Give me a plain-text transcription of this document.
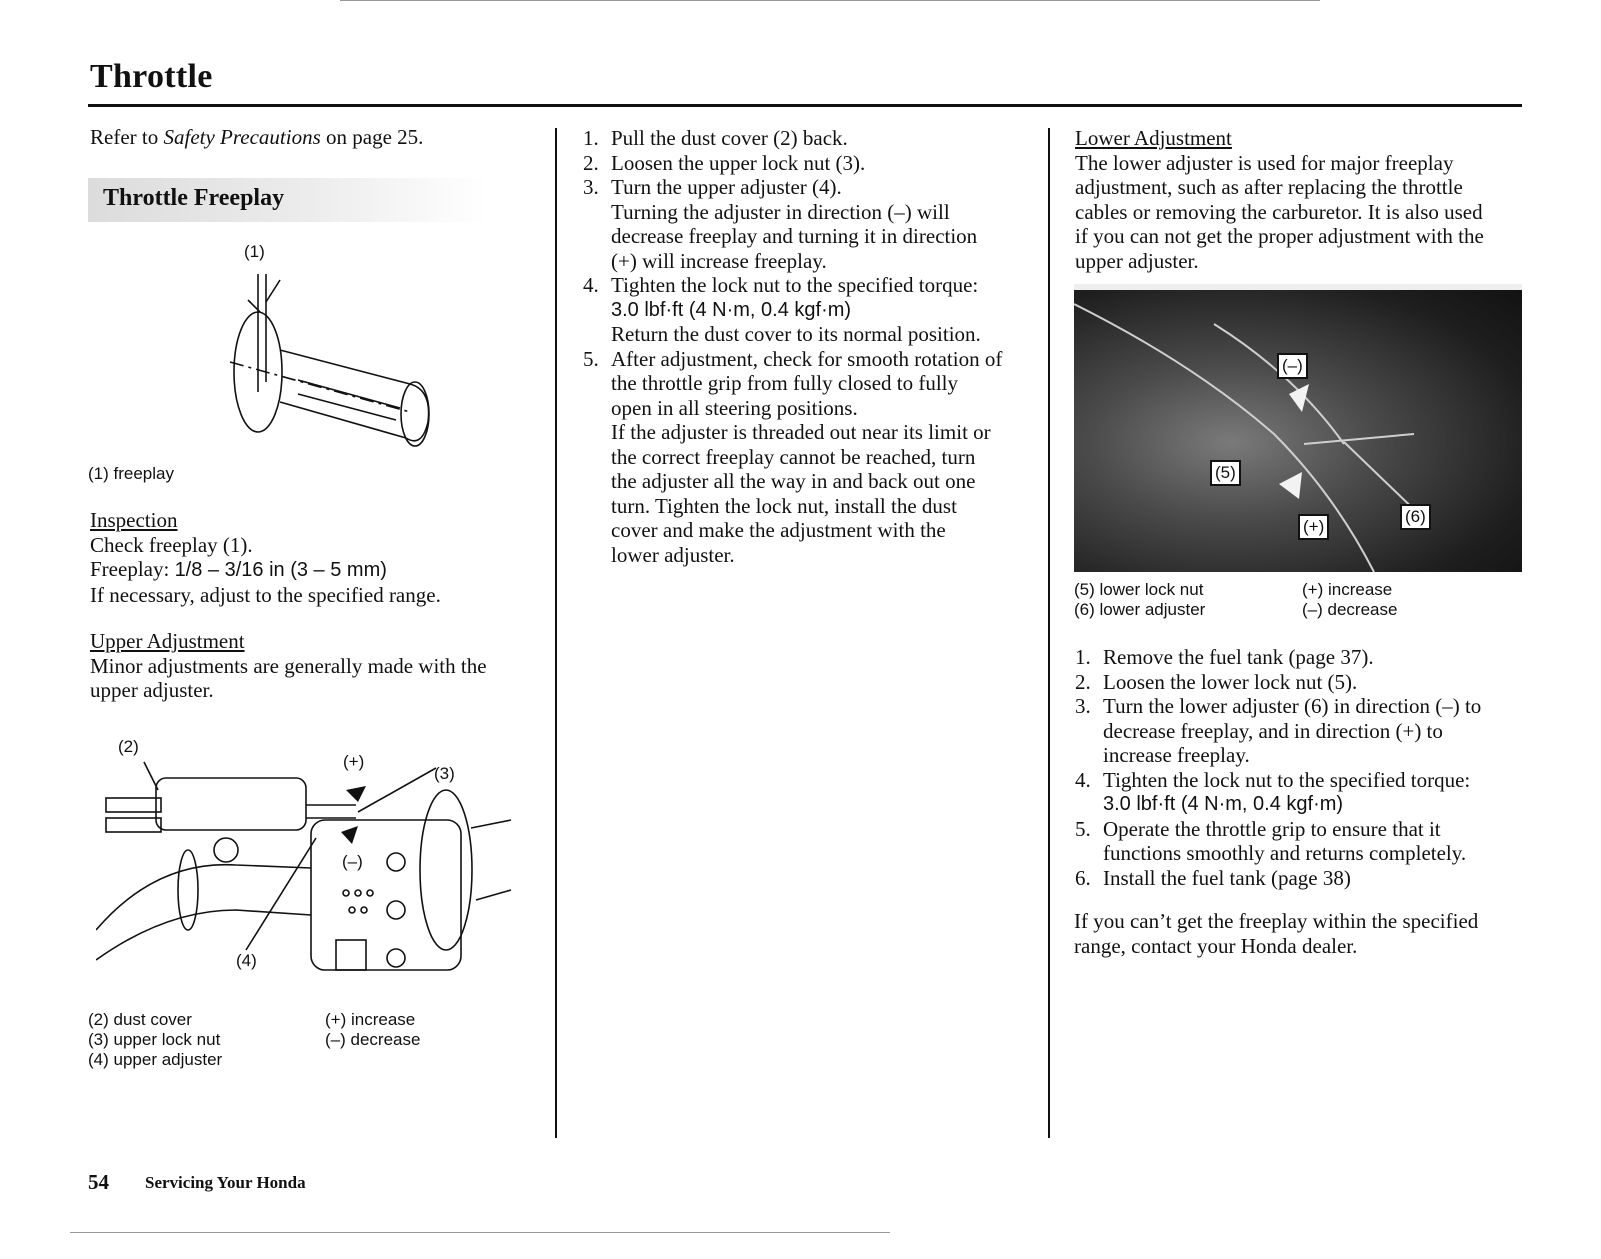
Throttle
Refer to Safety Precautions on page 25.
Throttle Freeplay
(1)
(1) freeplay
Inspection
Check freeplay (1).
Freeplay: 1/8 – 3/16 in (3 – 5 mm)
If necessary, adjust to the specified range.
Upper Adjustment
Minor adjustments are generally made with the upper adjuster.
(2)
(+)
(3)
(–)
(4)
(2) dust cover
(3) upper lock nut
(4) upper adjuster
(+) increase
(–) decrease
1. Pull the dust cover (2) back.
2. Loosen the upper lock nut (3).
3. Turn the upper adjuster (4).
Turning the adjuster in direction (–) will
decrease freeplay and turning it in direction
(+) will increase freeplay.
4. Tighten the lock nut to the specified torque:
3.0 lbf·ft (4 N·m, 0.4 kgf·m)
Return the dust cover to its normal position.
5. After adjustment, check for smooth rotation of
the throttle grip from fully closed to fully
open in all steering positions.
If the adjuster is threaded out near its limit or
the correct freeplay cannot be reached, turn
the adjuster all the way in and back out one
turn. Tighten the lock nut, install the dust
cover and make the adjustment with the
lower adjuster.
Lower Adjustment
The lower adjuster is used for major freeplay
adjustment, such as after replacing the throttle
cables or removing the carburetor. It is also used
if you can not get the proper adjustment with the
upper adjuster.
(–)
(5)
(+)
(6)
(5) lower lock nut
(6) lower adjuster
(+) increase
(–) decrease
1. Remove the fuel tank (page 37).
2. Loosen the lower lock nut (5).
3. Turn the lower adjuster (6) in direction (–) to
decrease freeplay, and in direction (+) to
increase freeplay.
4. Tighten the lock nut to the specified torque:
3.0 lbf·ft (4 N·m, 0.4 kgf·m)
5. Operate the throttle grip to ensure that it
functions smoothly and returns completely.
6. Install the fuel tank (page 38)
If you can’t get the freeplay within the specified
range, contact your Honda dealer.
54 Servicing Your Honda
